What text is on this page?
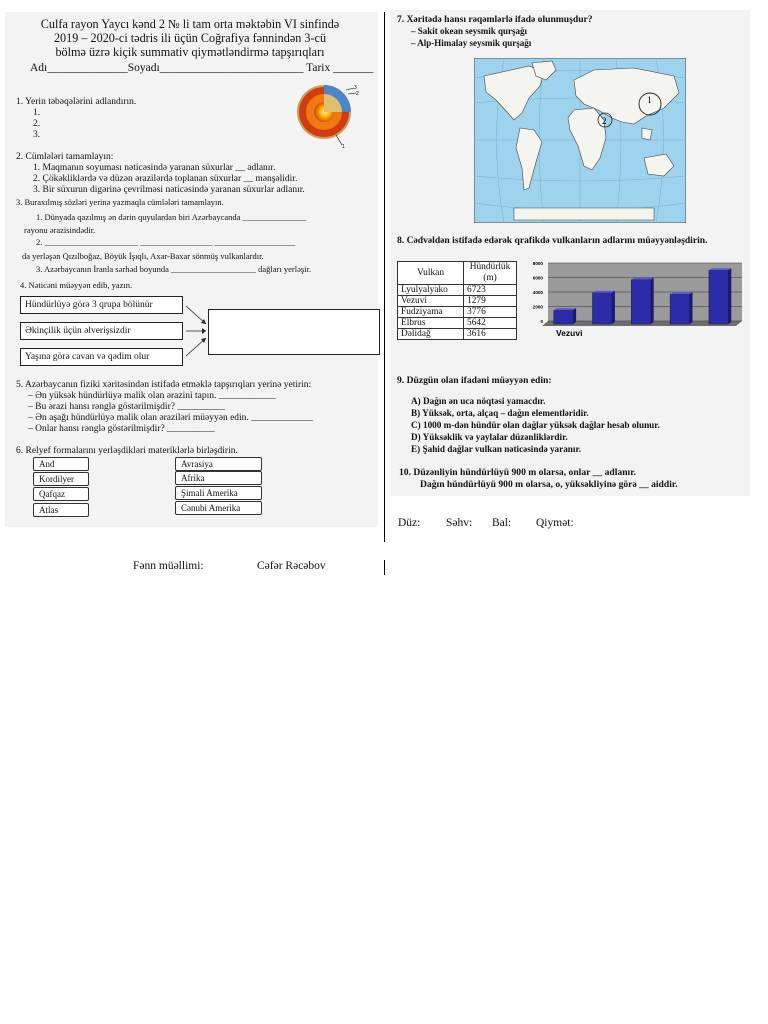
Culfa rayon Yaycı kənd 2 № li tam orta məktəbin VI sinfində
2019 – 2020-ci tədris ili üçün Coğrafiya fənnindən 3-cü
bölmə üzrə kiçik summativ qiymətləndirmə tapşırıqları
Adı______________Soyadı_________________________ Tarix _______
1. Yerin təbəqələrini adlandırın.
1.
2.
3.
3
2
1
2. Cümlələri tamamlayın:
1. Maqmanın soyuması nəticəsində yaranan süxurlar __ adlanır.
2. Çökəkliklərdə və düzən ərazilərdə toplanan süxurlar __ mənşəlidir.
3. Bir süxurun digərinə çevrilməsi nəticəsində yaranan süxurlar adlanır.
3. Buraxılmış sözləri yerinə yazmaqla cümlələri tamamlayın.
1. Dünyada qazılmış ən dərin quyulardan biri Azərbaycanda _______________
rayonu ərazisindədir.
2. ______________________ _________________ ___________________
da yerləşən Qızılboğaz, Böyük İşıqlı, Axar-Baxar sönmüş vulkanlardır.
3. Azərbaycanın İranla sərhəd boyunda ____________________ dağları yerləşir.
4. Nəticəni müəyyən edib, yazın.
Hündürlüyə görə 3 qrupa bölünür
Əkinçilik üçün əlverişsizdir
Yaşına görə cavan və qədim olur
5. Azərbaycanın fiziki xəritəsindən istifadə etməklə tapşırıqları yerinə yetirin:
– Ən yüksək hündürlüyə malik olan ərazini tapın. ____________
– Bu ərazi hansı rənglə göstərilmişdir? __________
– Ən aşağı hündürlüyə malik olan əraziləri müəyyən edin. _____________
– Onlar hansı rənglə göstərilmişdir? __________
6. Relyef formalarını yerləşdikləri materiklərlə birləşdirin.
And
Kordilyer
Qafqaz
Atlas
Avrasiya
Afrika
Şimali Amerika
Cənubi Amerika
7. Xəritədə hansı rəqəmlərlə ifadə olunmuşdur?
– Sakit okean seysmik qurşağı
– Alp-Himalay seysmik qurşağı
1
2
8. Cədvəldən istifadə edərək qrafikdə vulkanların adlarını müəyyənləşdirin.
Vulkan	Hündürlük (m)
Lyulyalyako	6723
Vezuvi	1279
Fudziyama	3776
Elbrus	5642
Dəlidağ	3616
8000
6000
4000
2000
0
Vezuvi
9. Düzgün olan ifadəni müəyyən edin:
A) Dağın ən uca nöqtəsi yamacdır.
B) Yüksək, orta, alçaq – dağın elementləridir.
C) 1000 m-dən hündür olan dağlar yüksək dağlar hesab olunur.
D) Yüksəklik və yaylalar düzənliklərdir.
E) Şahid dağlar vulkan nəticəsində yaranır.
10. Düzənliyin hündürlüyü 900 m olarsa, onlar __ adlanır.
Dağın hündürlüyü 900 m olarsa, o, yüksəkliyinə görə __ aiddir.
Düz: Səhv: Bal: Qiymət:
Fənn müəllimi:	Cəfər Rəcəbov
